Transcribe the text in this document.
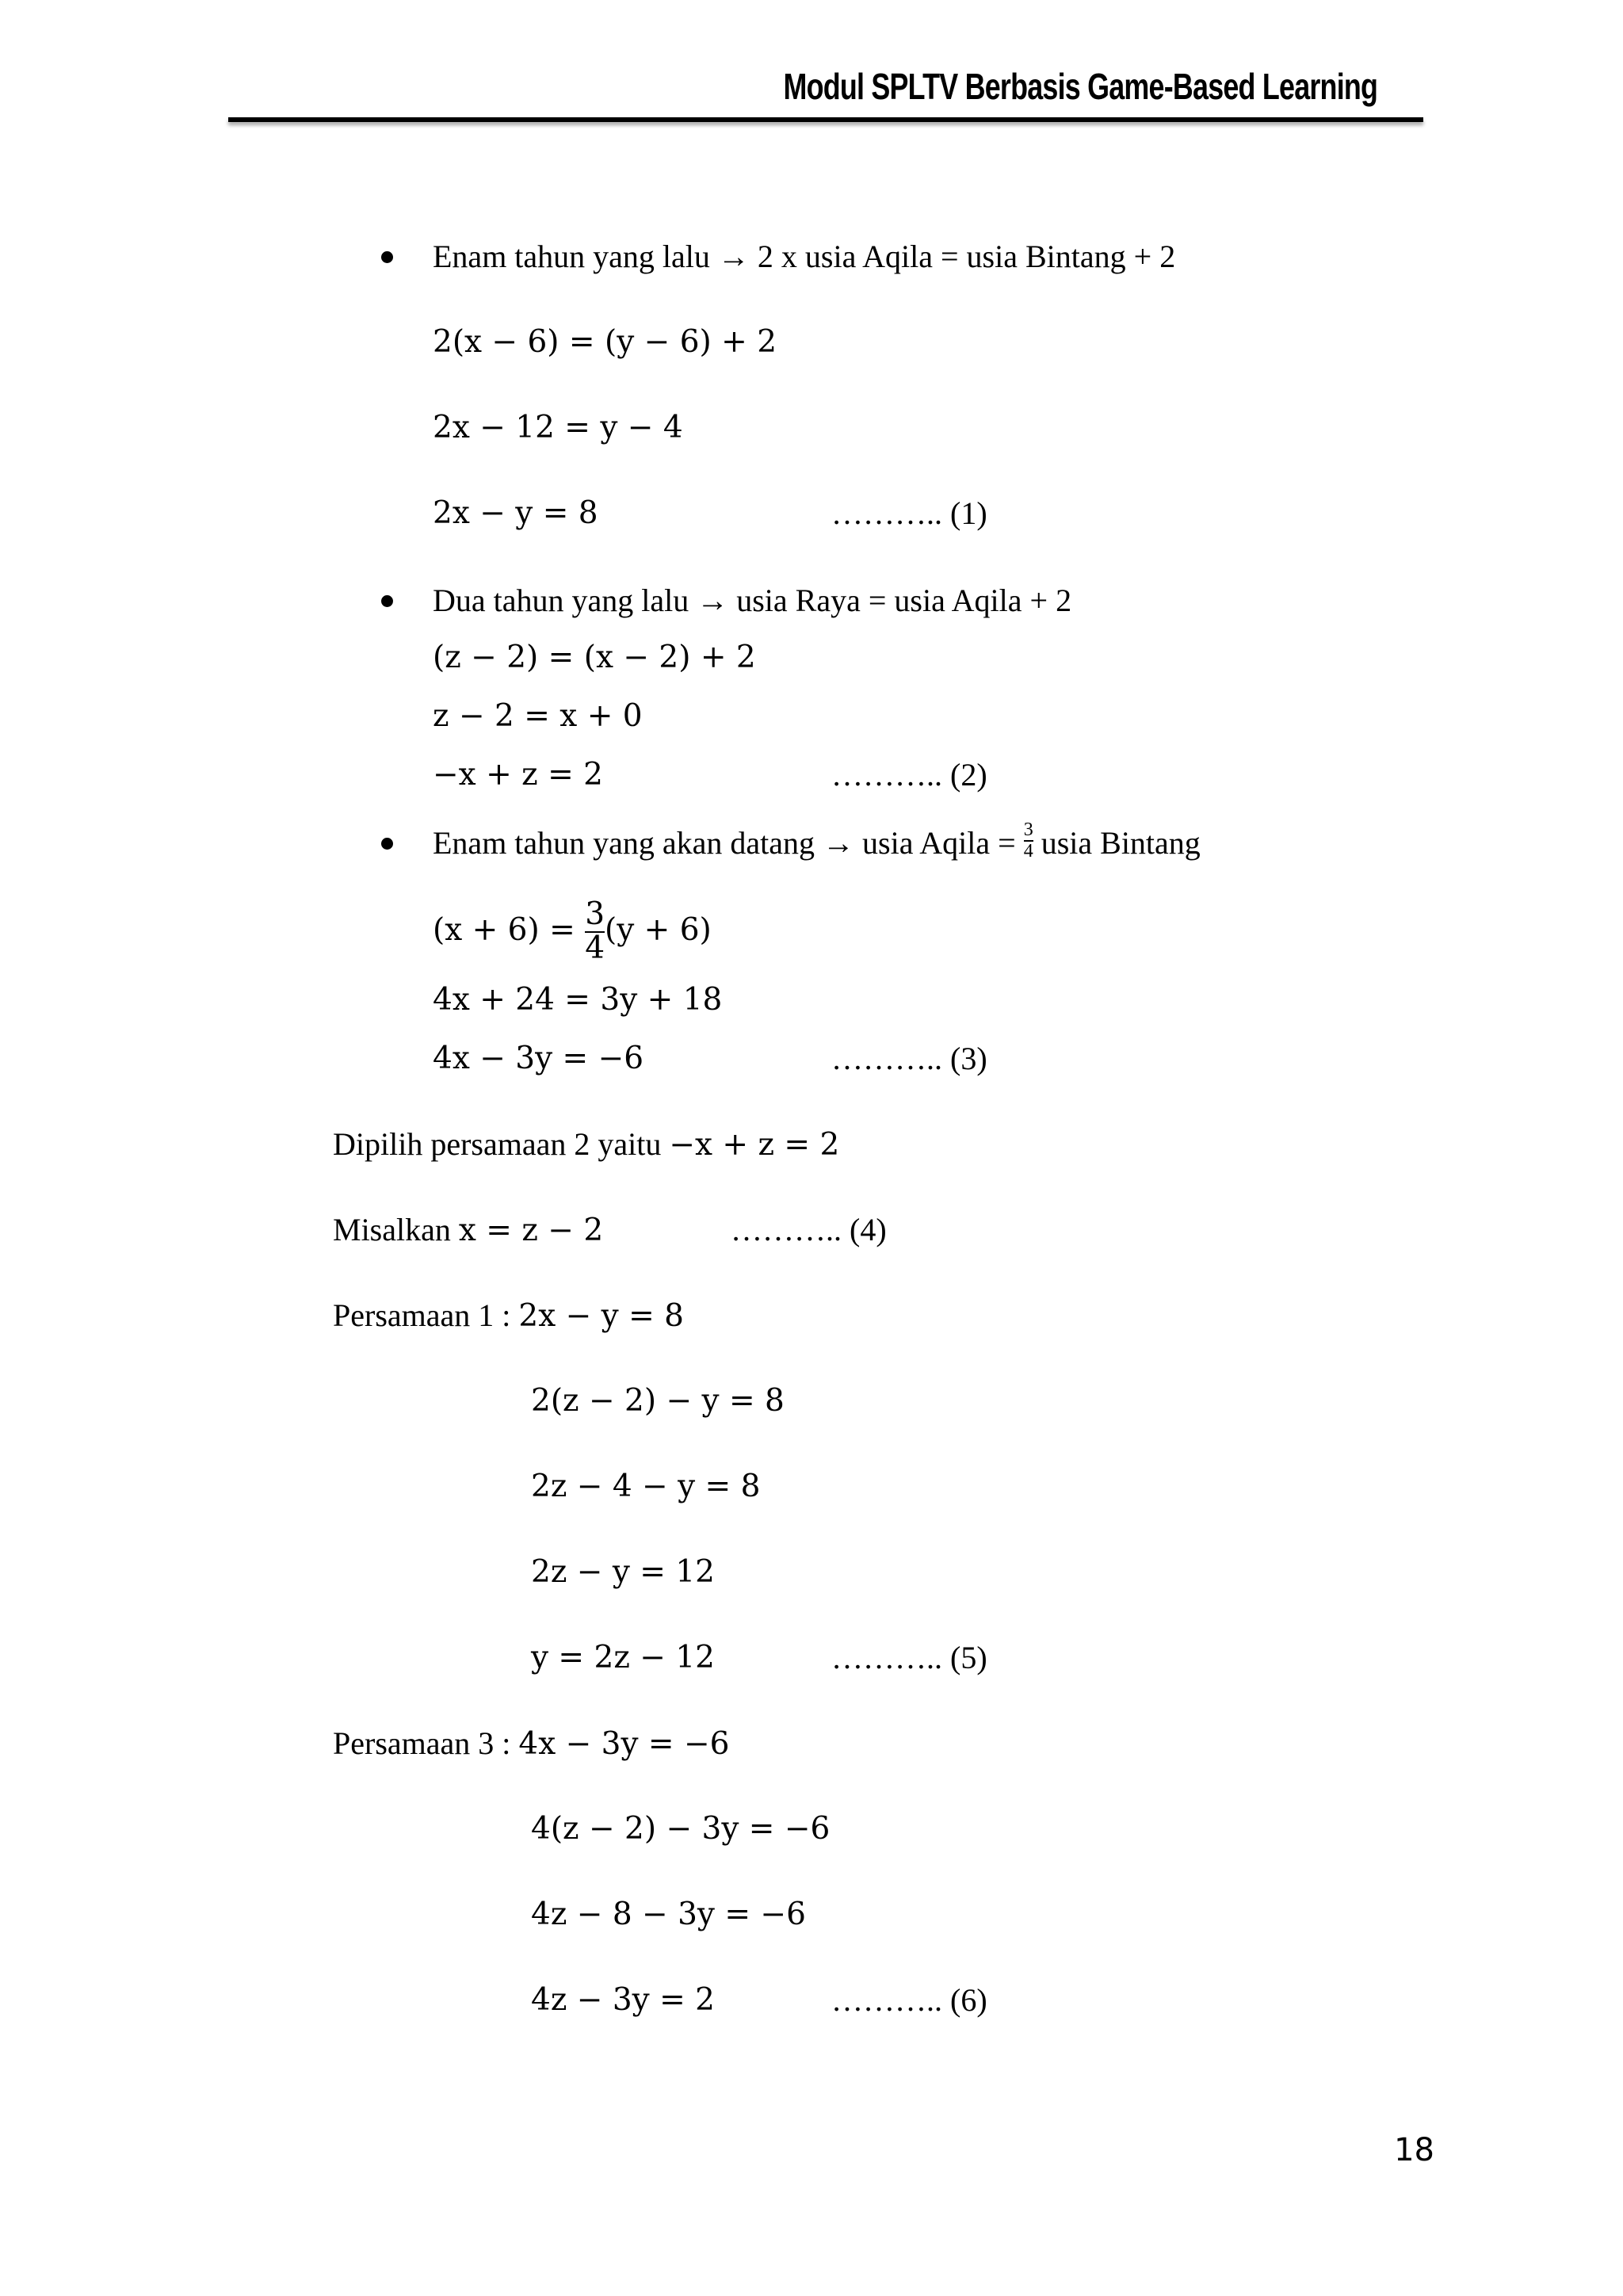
Modul SPLTV Berbasis Game-Based Learning
Enam tahun yang lalu → 2 x usia Aqila = usia Bintang + 2
2(x − 6) = (y − 6) + 2
2x − 12 = y − 4
2x − y = 8	……….. (1)
Dua tahun yang lalu → usia Raya = usia Aqila + 2
(z − 2) = (x − 2) + 2
z − 2 = x + 0
−x + z = 2	……….. (2)
Enam tahun yang akan datang → usia Aqila = $\frac{3}{4}$ usia Bintang
$(x + 6) = \frac{3}{4} (y + 6)$
4x + 24 = 3y + 18
4x − 3y = −6	……….. (3)
Dipilih persamaan 2 yaitu −x + z = 2
Misalkan x = z − 2	……….. (4)
Persamaan 1 : 2x − y = 8
2(z − 2) − y = 8
2z − 4 − y = 8
2z − y = 12
y = 2z − 12	……….. (5)
Persamaan 3 : 4x − 3y = −6
4(z − 2) − 3y = −6
4z − 8 − 3y = −6
4z − 3y = 2	……….. (6)
18
